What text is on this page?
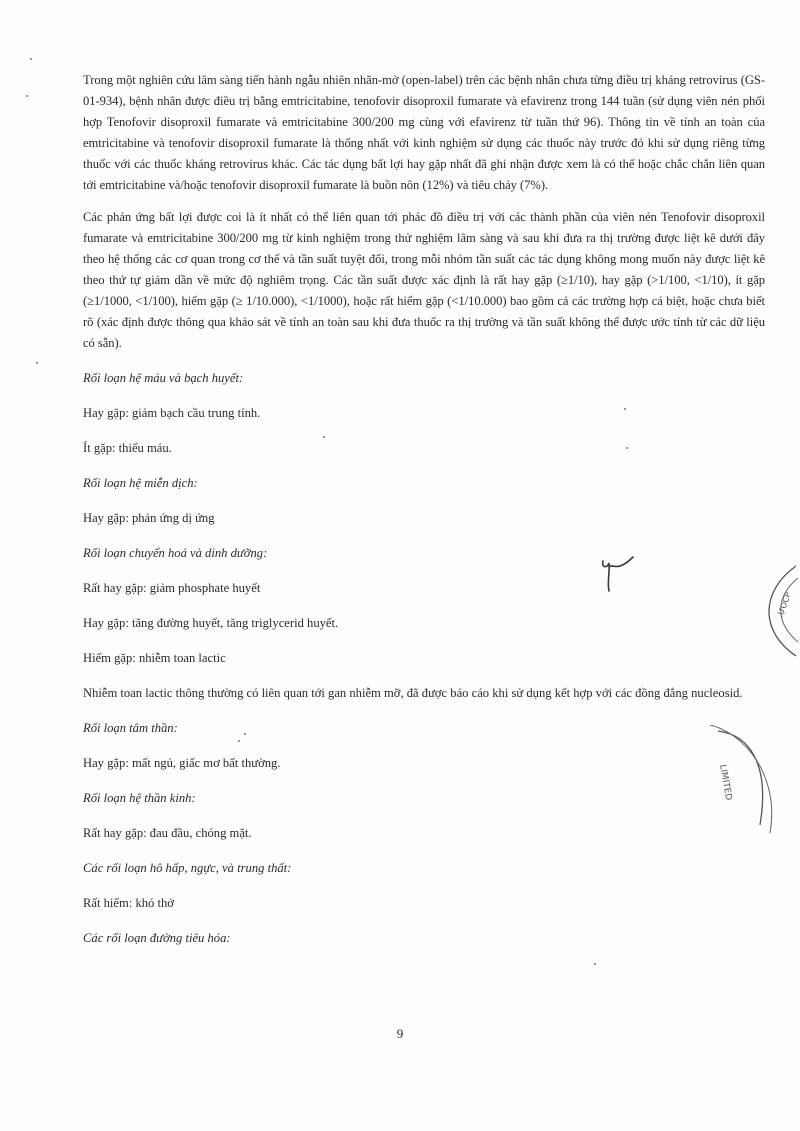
Trong một nghiên cứu lâm sàng tiến hành ngẫu nhiên nhãn-mở (open-label) trên các bệnh nhân chưa từng điều trị kháng retrovirus (GS-01-934), bệnh nhân được điều trị bằng emtricitabine, tenofovir disoproxil fumarate và efavirenz trong 144 tuần (sử dụng viên nén phối hợp Tenofovir disoproxil fumarate và emtricitabine 300/200 mg cùng với efavirenz từ tuần thứ 96). Thông tin về tính an toàn của emtricitabine và tenofovir disoproxil fumarate là thống nhất với kinh nghiệm sử dụng các thuốc này trước đó khi sử dụng riêng từng thuốc với các thuốc kháng retrovirus khác. Các tác dụng bất lợi hay gặp nhất đã ghi nhận được xem là có thể hoặc chắc chắn liên quan tới emtricitabine và/hoặc tenofovir disoproxil fumarate là buồn nôn (12%) và tiêu chảy (7%).

Các phản ứng bất lợi được coi là ít nhất có thể liên quan tới phác đồ điều trị với các thành phần của viên nén Tenofovir disoproxil fumarate và emtricitabine 300/200 mg từ kinh nghiệm trong thử nghiệm lâm sàng và sau khi đưa ra thị trường được liệt kê dưới đây theo hệ thống các cơ quan trong cơ thể và tần suất tuyệt đối, trong mỗi nhóm tần suất các tác dụng không mong muốn này được liệt kê theo thứ tự giảm dần về mức độ nghiêm trọng. Các tần suất được xác định là rất hay gặp (≥1/10), hay gặp (>1/100, <1/10), ít gặp (≥1/1000, <1/100), hiếm gặp (≥ 1/10.000), <1/1000), hoặc rất hiếm gặp (<1/10.000) bao gồm cả các trường hợp cá biệt, hoặc chưa biết rõ (xác định được thông qua khảo sát về tính an toàn sau khi đưa thuốc ra thị trường và tần suất không thể được ước tính từ các dữ liệu có sẵn).

Rối loạn hệ máu và bạch huyết:

Hay gặp: giảm bạch cầu trung tính.

Ít gặp: thiếu máu.

Rối loạn hệ miễn dịch:

Hay gặp: phản ứng dị ứng

Rối loạn chuyển hoá và dinh dưỡng:

Rất hay gặp: giảm phosphate huyết

Hay gặp: tăng đường huyết, tăng triglycerid huyết.

Hiếm gặp: nhiễm toan lactic

Nhiễm toan lactic thông thường có liên quan tới gan nhiễm mỡ, đã được báo cáo khi sử dụng kết hợp với các đồng đẳng nucleosid.

Rối loạn tâm thần:

Hay gặp: mất ngủ, giấc mơ bất thường.

Rối loạn hệ thần kinh:

Rất hay gặp: đau đầu, chóng mặt.

Các rối loạn hô hấp, ngực, và trung thất:

Rất hiếm: khó thở

Các rối loạn đường tiêu hóa:

.ỰOCP
LIMITED
9
